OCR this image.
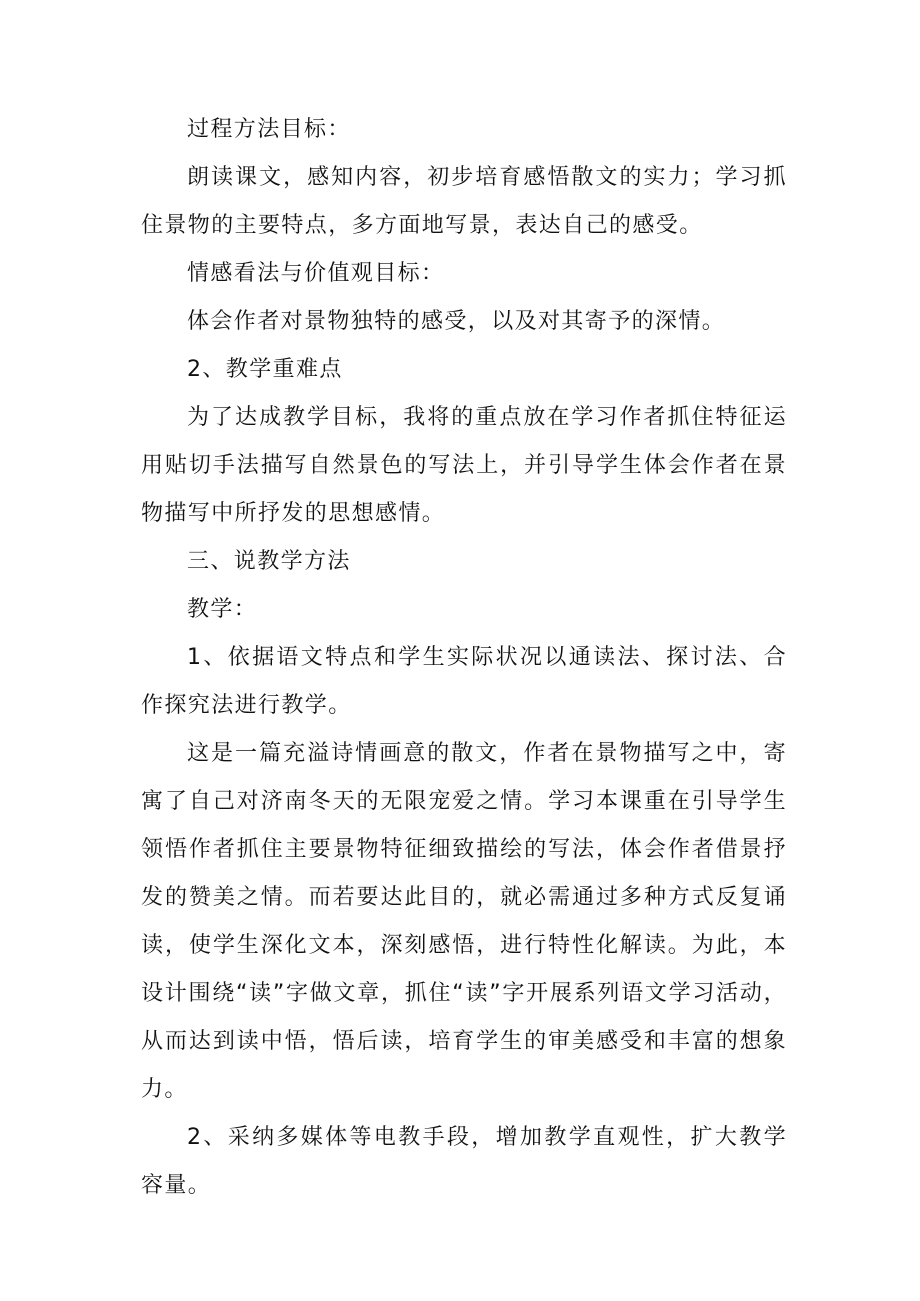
过程方法目标：

朗读课文，感知内容，初步培育感悟散文的实力；学习抓住景物的主要特点，多方面地写景，表达自己的感受。

情感看法与价值观目标：

体会作者对景物独特的感受，以及对其寄予的深情。

2、教学重难点

为了达成教学目标，我将的重点放在学习作者抓住特征运用贴切手法描写自然景色的写法上，并引导学生体会作者在景物描写中所抒发的思想感情。

三、说教学方法

教学：

1、依据语文特点和学生实际状况以通读法、探讨法、合作探究法进行教学。

这是一篇充溢诗情画意的散文，作者在景物描写之中，寄寓了自己对济南冬天的无限宠爱之情。学习本课重在引导学生领悟作者抓住主要景物特征细致描绘的写法，体会作者借景抒发的赞美之情。而若要达此目的，就必需通过多种方式反复诵读，使学生深化文本，深刻感悟，进行特性化解读。为此，本设计围绕“读”字做文章，抓住“读”字开展系列语文学习活动，从而达到读中悟，悟后读，培育学生的审美感受和丰富的想象力。

2、采纳多媒体等电教手段，增加教学直观性，扩大教学容量。
